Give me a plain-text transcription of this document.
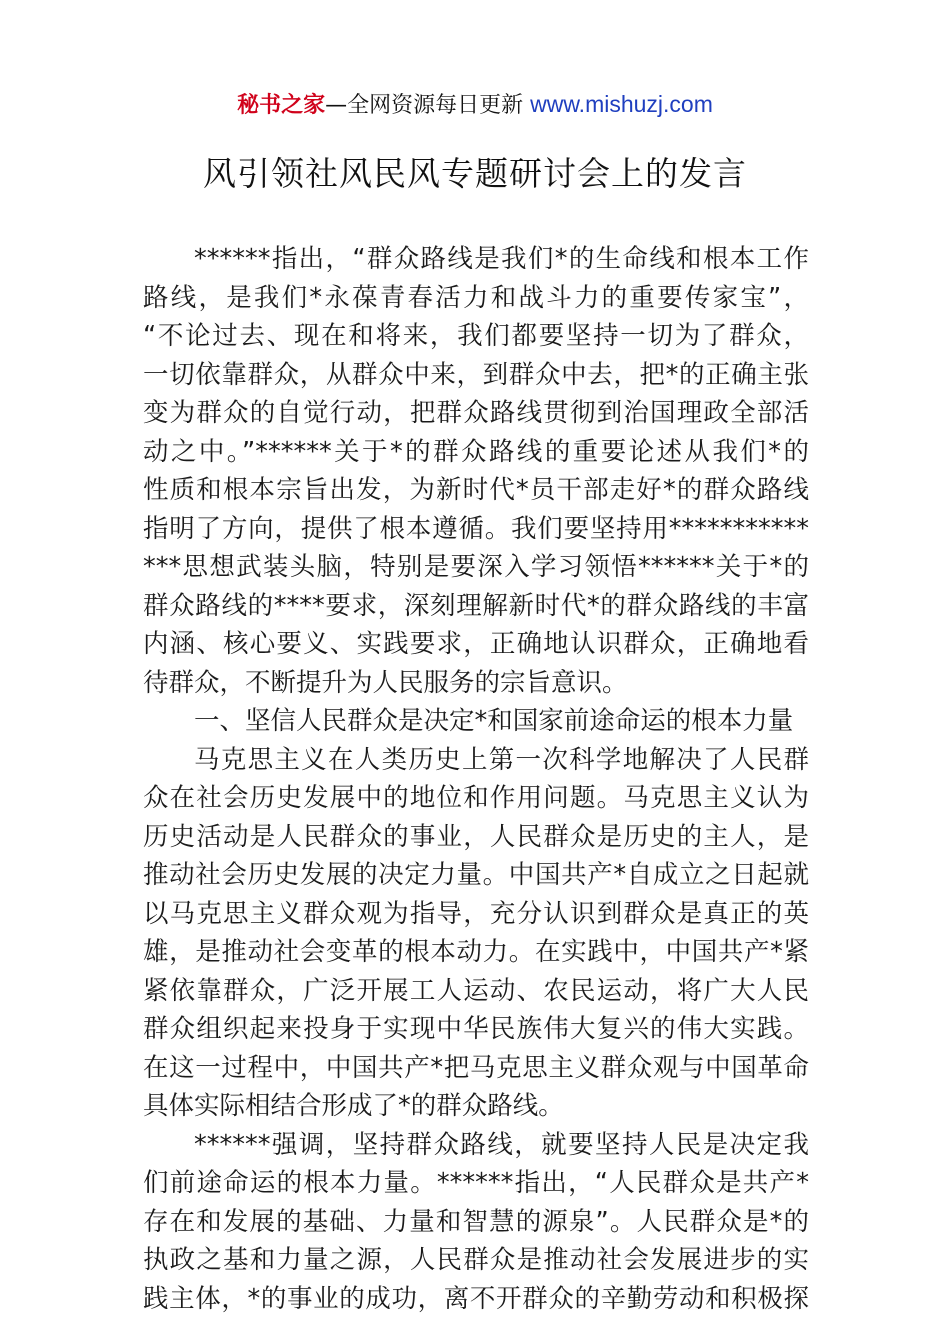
秘书之家—全网资源每日更新 www.mishuzj.com
风引领社风民风专题研讨会上的发言
******指出，“群众路线是我们*的生命线和根本工作
路线，是我们*永葆青春活力和战斗力的重要传家宝”，
“不论过去、现在和将来，我们都要坚持一切为了群众，
一切依靠群众，从群众中来，到群众中去，把*的正确主张
变为群众的自觉行动，把群众路线贯彻到治国理政全部活
动之中。”******关于*的群众路线的重要论述从我们*的
性质和根本宗旨出发，为新时代*员干部走好*的群众路线
指明了方向，提供了根本遵循。我们要坚持用***********
***思想武装头脑，特别是要深入学习领悟******关于*的
群众路线的****要求，深刻理解新时代*的群众路线的丰富
内涵、核心要义、实践要求，正确地认识群众，正确地看
待群众，不断提升为人民服务的宗旨意识。
一、坚信人民群众是决定*和国家前途命运的根本力量
马克思主义在人类历史上第一次科学地解决了人民群
众在社会历史发展中的地位和作用问题。马克思主义认为
历史活动是人民群众的事业，人民群众是历史的主人，是
推动社会历史发展的决定力量。中国共产*自成立之日起就
以马克思主义群众观为指导，充分认识到群众是真正的英
雄，是推动社会变革的根本动力。在实践中，中国共产*紧
紧依靠群众，广泛开展工人运动、农民运动，将广大人民
群众组织起来投身于实现中华民族伟大复兴的伟大实践。
在这一过程中，中国共产*把马克思主义群众观与中国革命
具体实际相结合形成了*的群众路线。
******强调，坚持群众路线，就要坚持人民是决定我
们前途命运的根本力量。******指出，“人民群众是共产*
存在和发展的基础、力量和智慧的源泉”。人民群众是*的
执政之基和力量之源，人民群众是推动社会发展进步的实
践主体，*的事业的成功，离不开群众的辛勤劳动和积极探
